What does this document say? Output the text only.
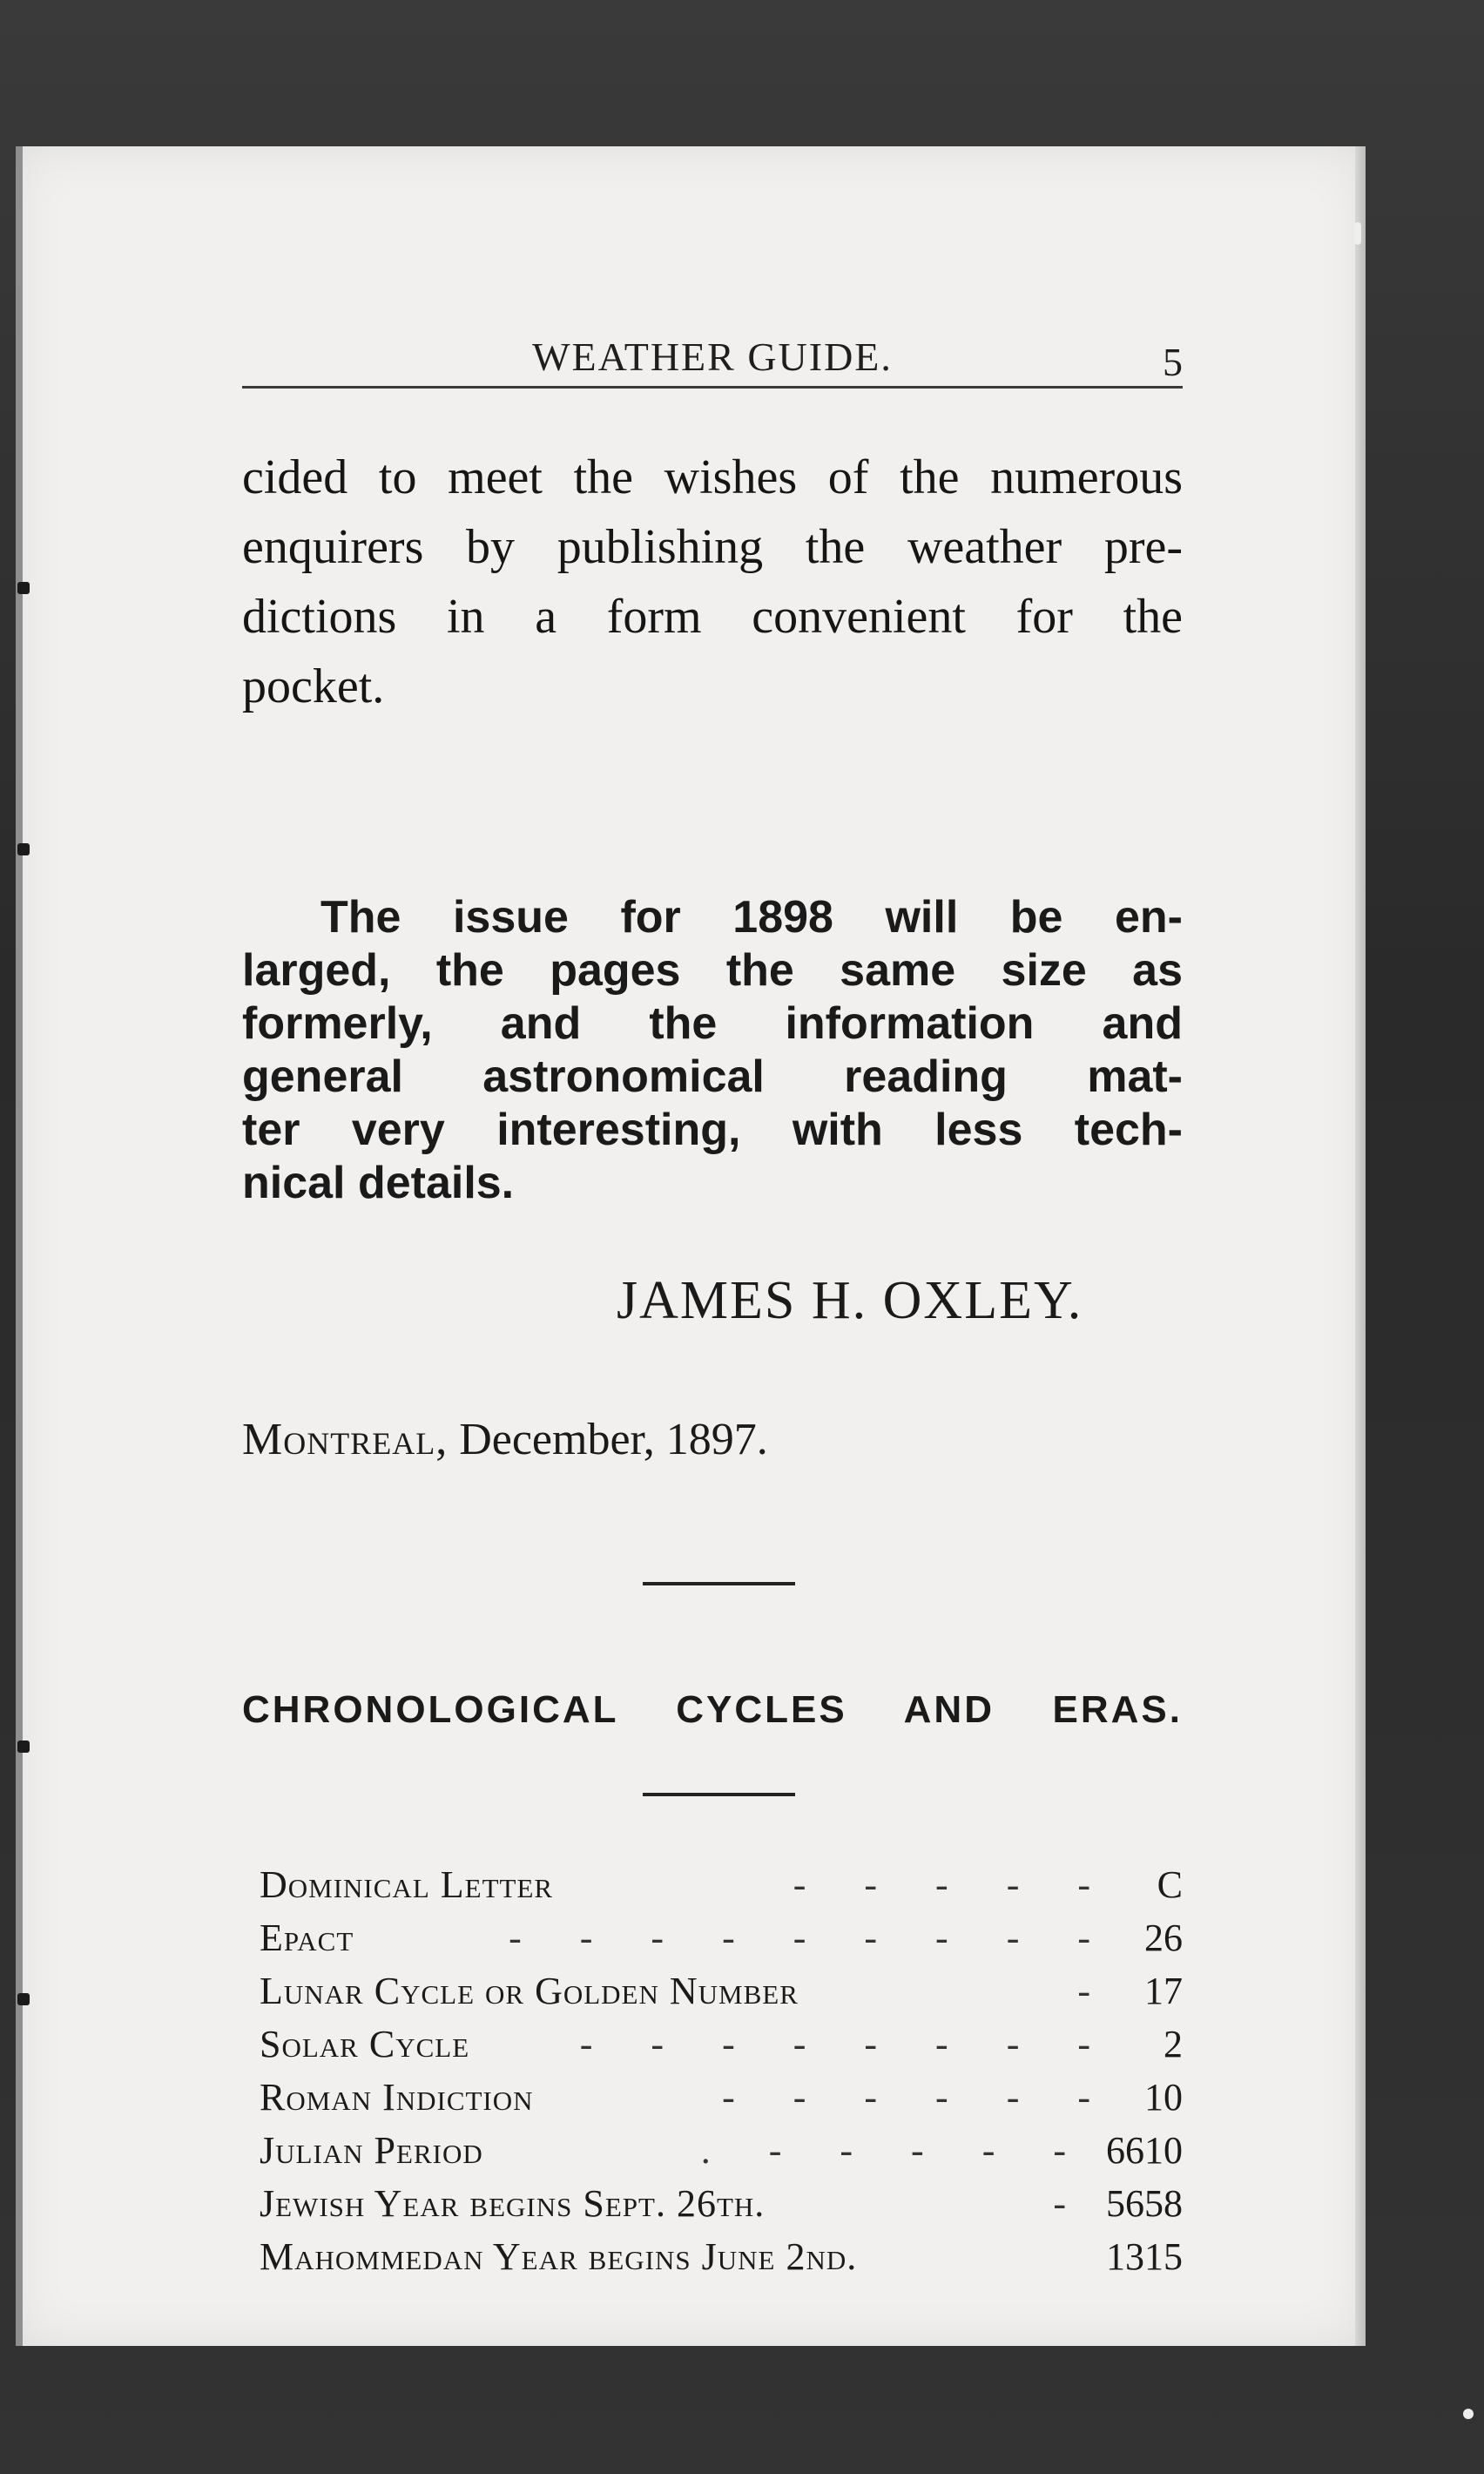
WEATHER GUIDE.	5
cided to meet the wishes of the numerous
enquirers by publishing the weather pre-
dictions in a form convenient for the
pocket.
The issue for 1898 will be en-
larged, the pages the same size as
formerly, and the information and
general astronomical reading mat-
ter very interesting, with less tech-
nical details.
JAMES H. OXLEY.
Montreal, December, 1897.
CHRONOLOGICAL CYCLES AND ERAS.
Dominical Letter	- - - - -	C
Epact	- - - - - - - - - 26
Lunar Cycle or Golden Number	- 17
Solar Cycle	- - - - - - - -	2
Roman Indiction	- - - - - - 10
Julian Period	. - - - - - 6610
Jewish Year begins Sept. 26th.	- 5658
Mahommedan Year begins June 2nd.	1315
